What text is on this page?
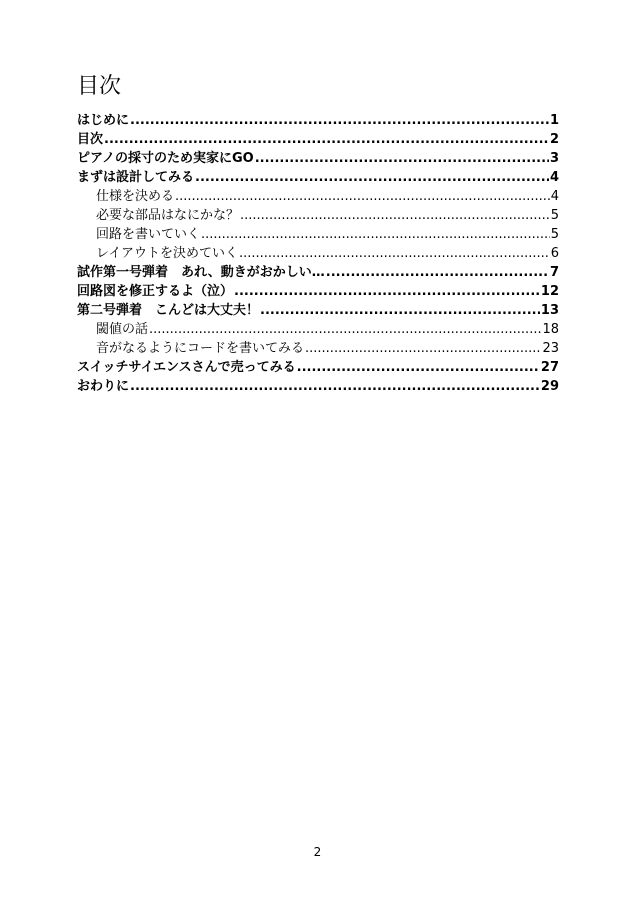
目次
はじめに .....	1
目次 .....	2
ピアノの採寸のため実家にGO .....	3
まずは設計してみる .....	4
仕様を決める .....	4
必要な部品はなにかな？ .....	5
回路を書いていく .....	5
レイアウトを決めていく .....	6
試作第一号弾着　あれ、動きがおかしい… .....	7
回路図を修正するよ（泣） .....	12
第二号弾着　こんどは大丈夫！ .....	13
閾値の話 .....	18
音がなるようにコードを書いてみる .....	23
スイッチサイエンスさんで売ってみる .....	27
おわりに .....	29
2
